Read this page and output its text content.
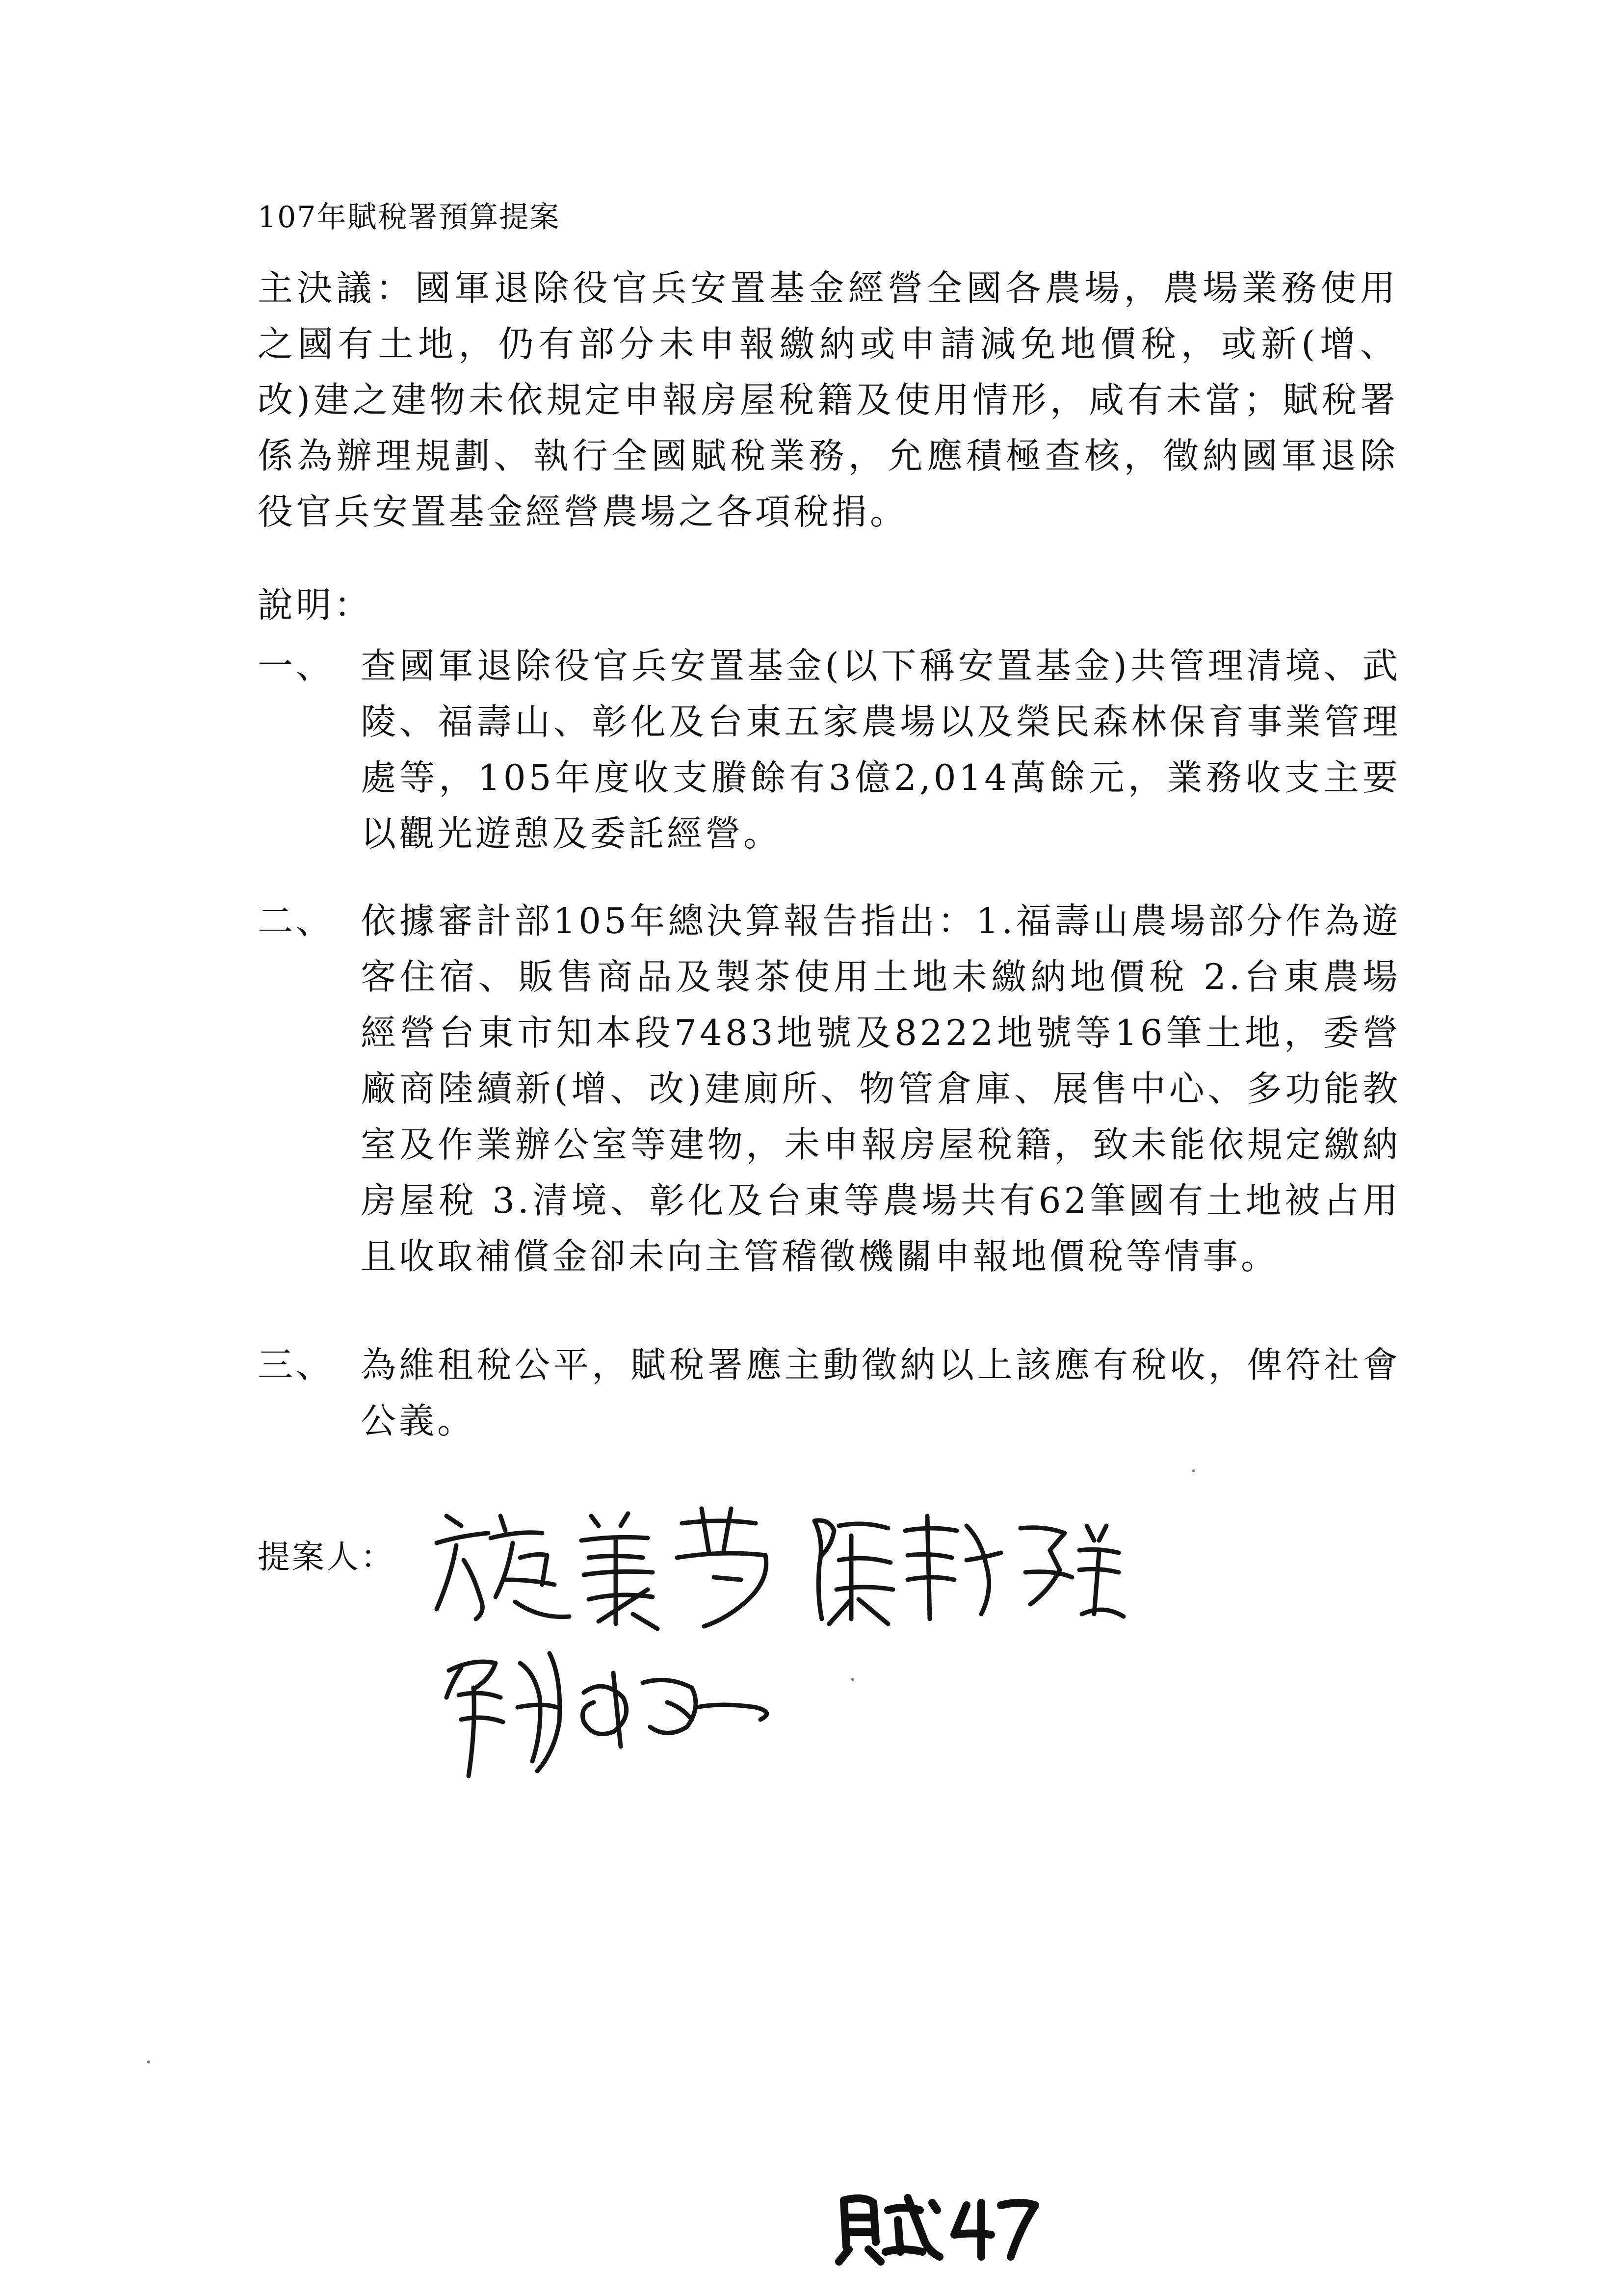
107年賦稅署預算提案
主決議：國軍退除役官兵安置基金經營全國各農場，農場業務使用之國有土地，仍有部分未申報繳納或申請減免地價稅，或新(增、改)建之建物未依規定申報房屋稅籍及使用情形，咸有未當；賦稅署係為辦理規劃、執行全國賦稅業務，允應積極查核，徵納國軍退除役官兵安置基金經營農場之各項稅捐。
說明：
一、 查國軍退除役官兵安置基金(以下稱安置基金)共管理清境、武陵、福壽山、彰化及台東五家農場以及榮民森林保育事業管理處等，105年度收支賸餘有3億2,014萬餘元，業務收支主要以觀光遊憩及委託經營。
二、 依據審計部105年總決算報告指出：1.福壽山農場部分作為遊客住宿、販售商品及製茶使用土地未繳納地價稅 2.台東農場經營台東市知本段7483地號及8222地號等16筆土地，委營廠商陸續新(增、改)建廁所、物管倉庫、展售中心、多功能教室及作業辦公室等建物，未申報房屋稅籍，致未能依規定繳納房屋稅 3.清境、彰化及台東等農場共有62筆國有土地被占用且收取補償金卻未向主管稽徵機關申報地價稅等情事。
三、 為維租稅公平，賦稅署應主動徵納以上該應有稅收，俾符社會公義。
提案人：
